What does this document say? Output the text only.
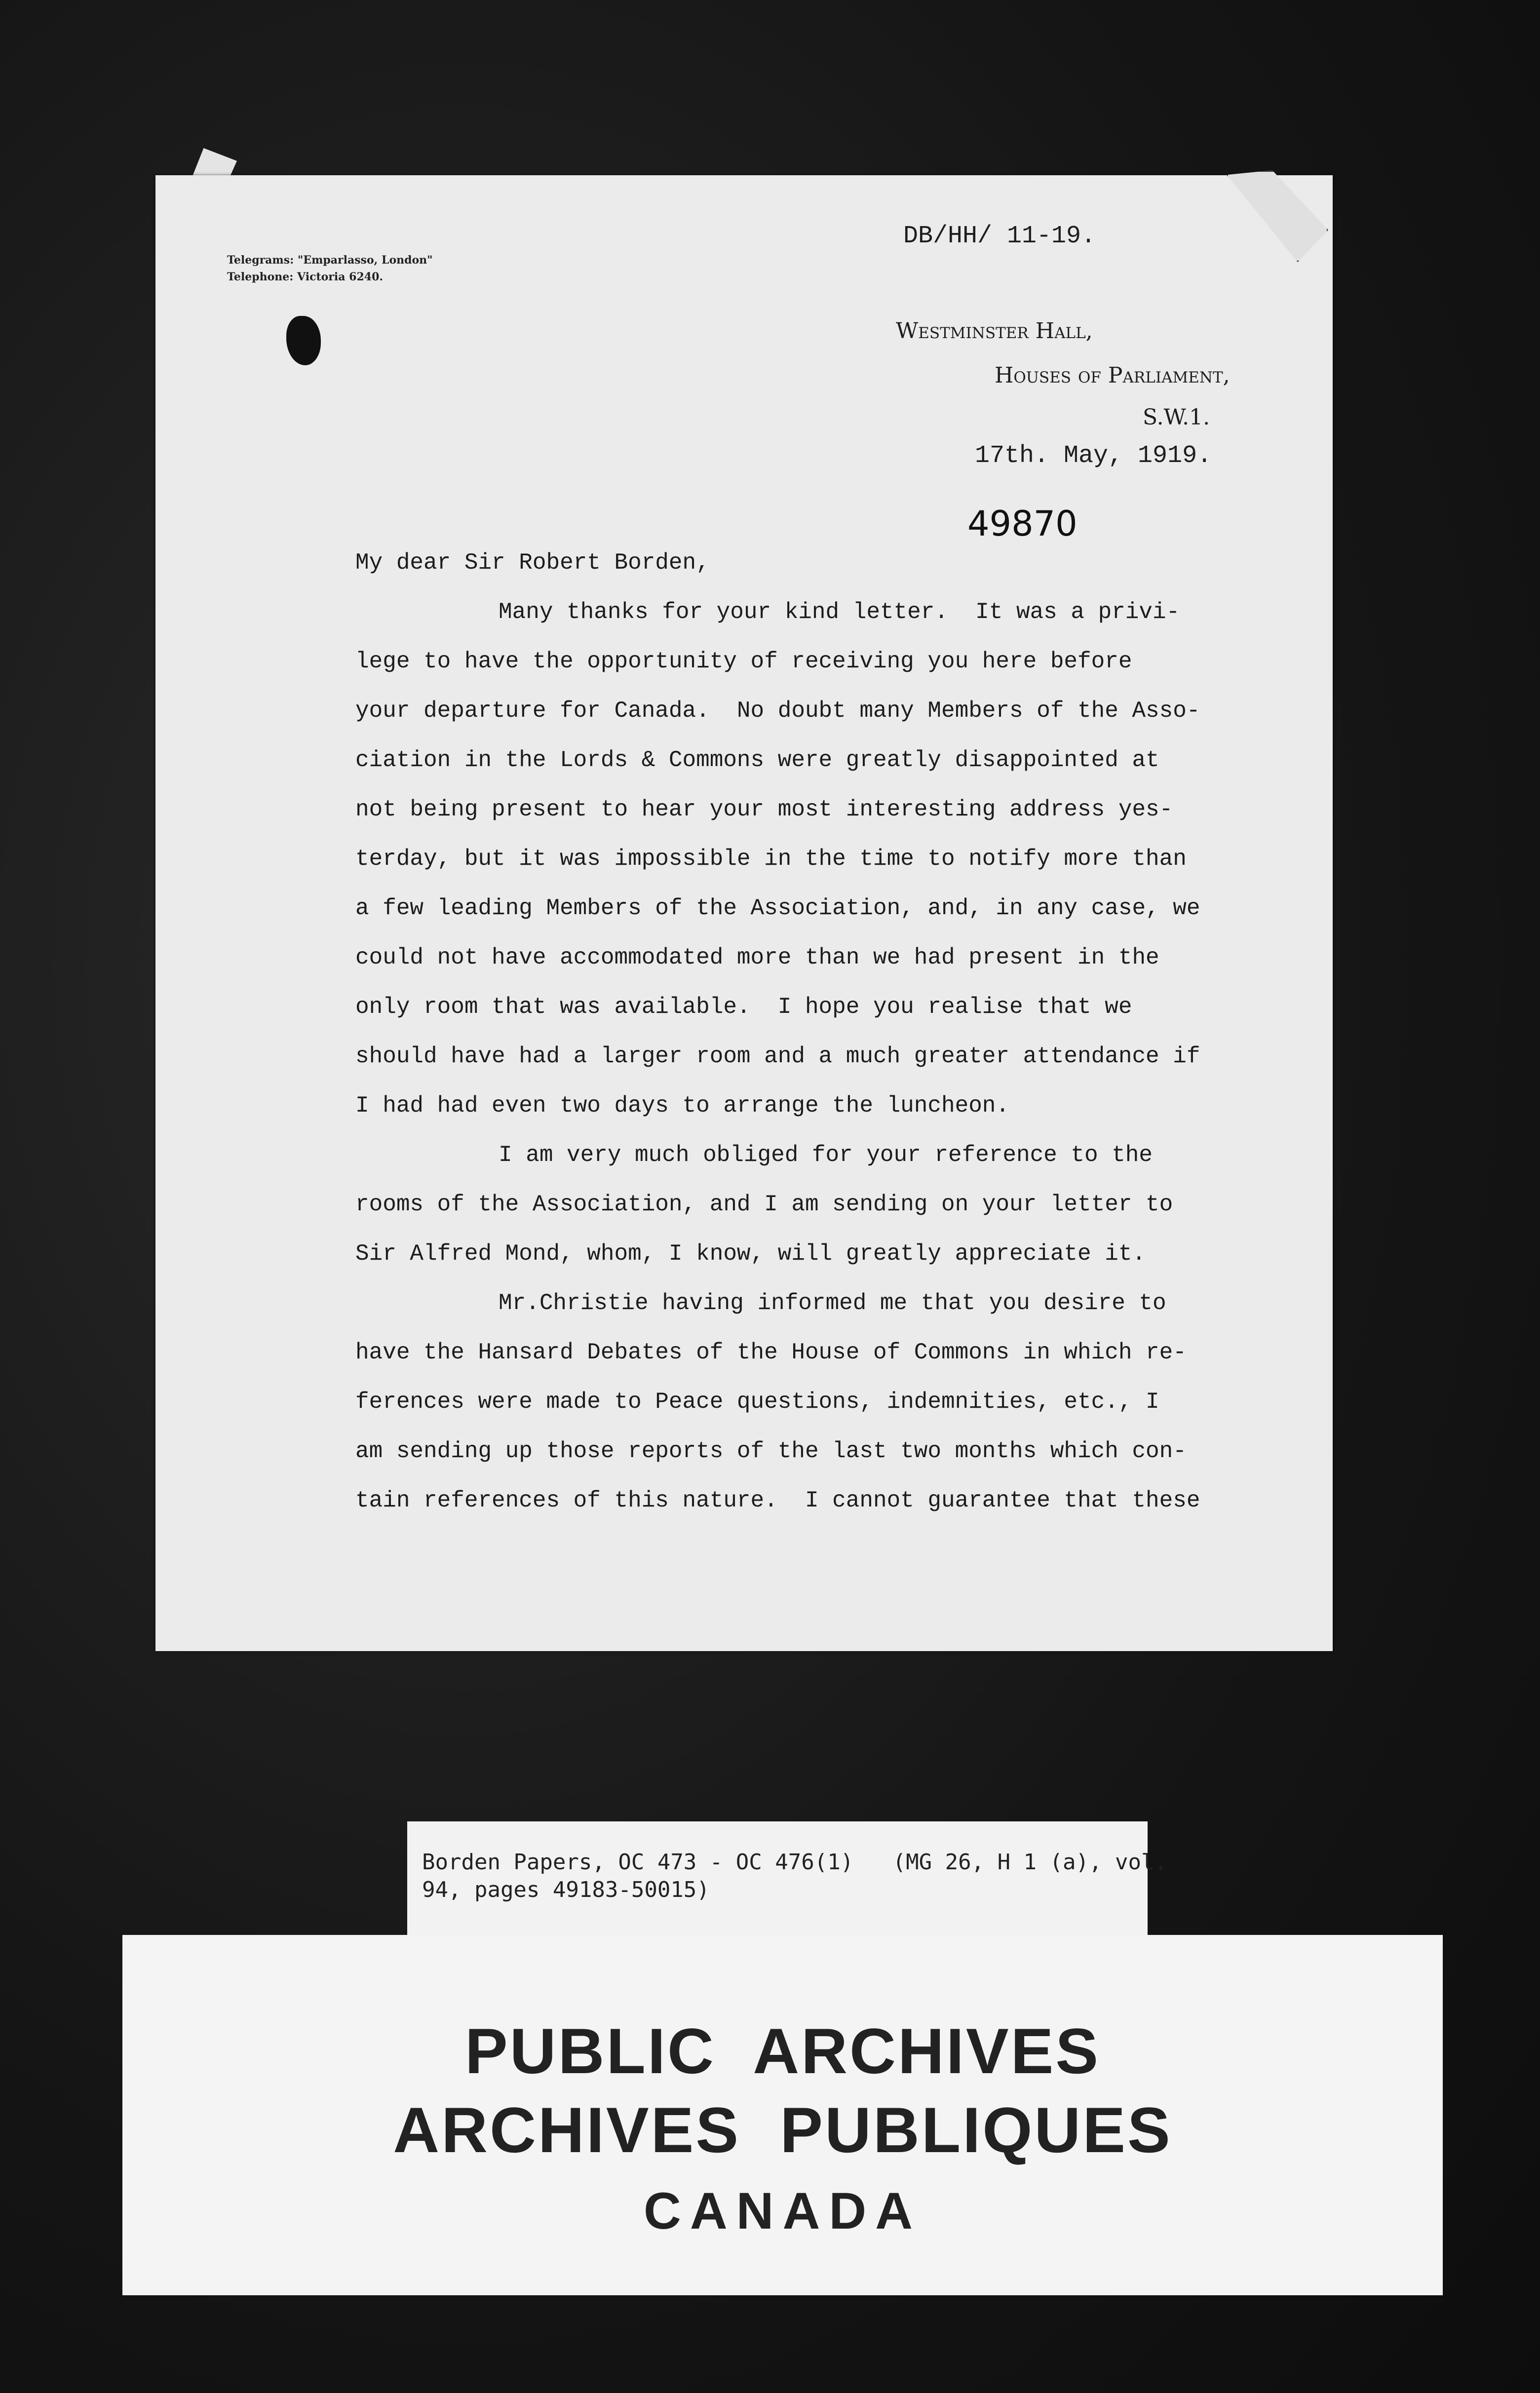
Telegrams: "Emparlasso, London"
Telephone: Victoria 6240.
DB/HH/ 11-19.
Westminster Hall,
Houses of Parliament,
S.W.1.
17th. May, 1919.
49870
My dear Sir Robert Borden,
Many thanks for your kind letter.  It was a privi-
lege to have the opportunity of receiving you here before
your departure for Canada.  No doubt many Members of the Asso-
ciation in the Lords & Commons were greatly disappointed at
not being present to hear your most interesting address yes-
terday, but it was impossible in the time to notify more than
a few leading Members of the Association, and, in any case, we
could not have accommodated more than we had present in the
only room that was available.  I hope you realise that we
should have had a larger room and a much greater attendance if
I had had even two days to arrange the luncheon.
I am very much obliged for your reference to the
rooms of the Association, and I am sending on your letter to
Sir Alfred Mond, whom, I know, will greatly appreciate it.
Mr.Christie having informed me that you desire to
have the Hansard Debates of the House of Commons in which re-
ferences were made to Peace questions, indemnities, etc., I
am sending up those reports of the last two months which con-
tain references of this nature.  I cannot guarantee that these
Borden Papers, OC 473 - OC 476(1)   (MG 26, H 1 (a), vol.
94, pages 49183-50015)
PUBLIC  ARCHIVES
ARCHIVES  PUBLIQUES
CANADA
